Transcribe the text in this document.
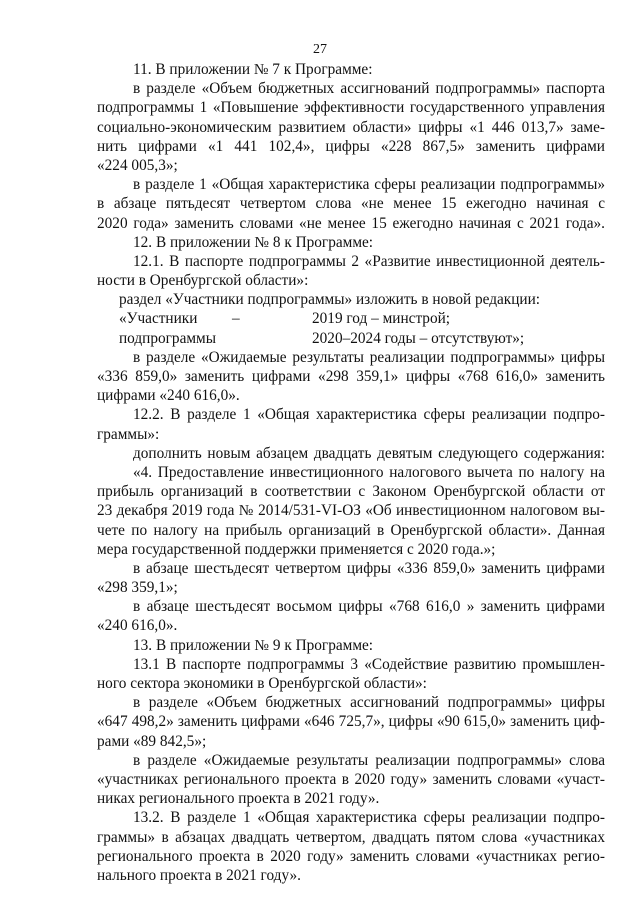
27
11. В приложении № 7 к Программе:
в разделе «Объем бюджетных ассигнований подпрограммы» паспорта
подпрограммы 1 «Повышение эффективности государственного управления
социально-экономическим развитием области» цифры «1 446 013,7» заме-
нить цифрами «1 441 102,4», цифры «228 867,5» заменить цифрами
«224 005,3»;
в разделе 1 «Общая характеристика сферы реализации подпрограммы»
в абзаце пятьдесят четвертом слова «не менее 15 ежегодно начиная с
2020 года» заменить словами «не менее 15 ежегодно начиная с 2021 года».
12. В приложении № 8 к Программе:
12.1. В паспорте подпрограммы 2 «Развитие инвестиционной деятель-
ности в Оренбургской области»:
раздел «Участники подпрограммы» изложить в новой редакции:
«Участники –	2019 год – минстрой;
подпрограммы	2020–2024 годы – отсутствуют»;
в разделе «Ожидаемые результаты реализации подпрограммы» цифры
«336 859,0» заменить цифрами «298 359,1» цифры «768 616,0» заменить
цифрами «240 616,0».
12.2. В разделе 1 «Общая характеристика сферы реализации подпро-
граммы»:
дополнить новым абзацем двадцать девятым следующего содержания:
«4. Предоставление инвестиционного налогового вычета по налогу на
прибыль организаций в соответствии с Законом Оренбургской области от
23 декабря 2019 года № 2014/531-VI-ОЗ «Об инвестиционном налоговом вы-
чете по налогу на прибыль организаций в Оренбургской области». Данная
мера государственной поддержки применяется с 2020 года.»;
в абзаце шестьдесят четвертом цифры «336 859,0» заменить цифрами
«298 359,1»;
в абзаце шестьдесят восьмом цифры «768 616,0 » заменить цифрами
«240 616,0».
13. В приложении № 9 к Программе:
13.1 В паспорте подпрограммы 3 «Содействие развитию промышлен-
ного сектора экономики в Оренбургской области»:
в разделе «Объем бюджетных ассигнований подпрограммы» цифры
«647 498,2» заменить цифрами «646 725,7», цифры «90 615,0» заменить циф-
рами «89 842,5»;
в разделе «Ожидаемые результаты реализации подпрограммы» слова
«участниках регионального проекта в 2020 году» заменить словами «участ-
никах регионального проекта в 2021 году».
13.2. В разделе 1 «Общая характеристика сферы реализации подпро-
граммы» в абзацах двадцать четвертом, двадцать пятом слова «участниках
регионального проекта в 2020 году» заменить словами «участниках регио-
нального проекта в 2021 году».
